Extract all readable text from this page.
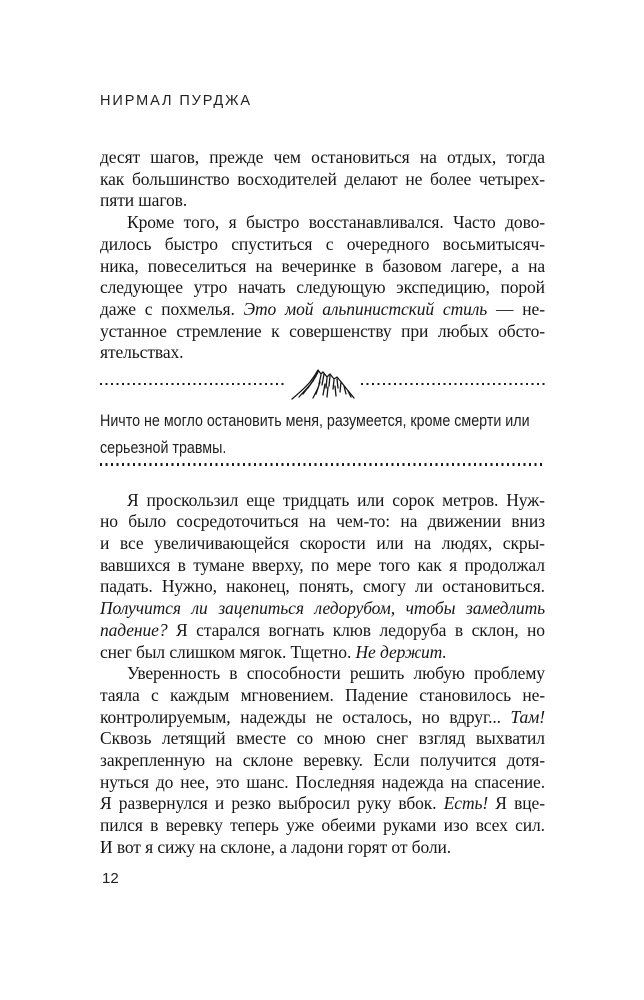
НИРМАЛ ПУРДЖА
десят шагов, прежде чем остановиться на отдых, тогда
как большинство восходителей делают не более четырех-
пяти шагов.
Кроме того, я быстро восстанавливался. Часто дово-
дилось быстро спуститься с очередного восьмитысяч-
ника, повеселиться на вечеринке в базовом лагере, а на
следующее утро начать следующую экспедицию, порой
даже с похмелья. Это мой альпинистский стиль — не-
устанное стремление к совершенству при любых обсто-
ятельствах.
Ничто не могло остановить меня, разумеется, кроме смерти или
серьезной травмы.
Я проскользил еще тридцать или сорок метров. Нуж-
но было сосредоточиться на чем-то: на движении вниз
и все увеличивающейся скорости или на людях, скры-
вавшихся в тумане вверху, по мере того как я продолжал
падать. Нужно, наконец, понять, смогу ли остановиться.
Получится ли зацепиться ледорубом, чтобы замедлить
падение? Я старался вогнать клюв ледоруба в склон, но
снег был слишком мягок. Тщетно. Не держит.
Уверенность в способности решить любую проблему
таяла с каждым мгновением. Падение становилось не-
контролируемым, надежды не осталось, но вдруг... Там!
Сквозь летящий вместе со мною снег взгляд выхватил
закрепленную на склоне веревку. Если получится дотя-
нуться до нее, это шанс. Последняя надежда на спасение.
Я развернулся и резко выбросил руку вбок. Есть! Я вце-
пился в веревку теперь уже обеими руками изо всех сил.
И вот я сижу на склоне, а ладони горят от боли.
12
